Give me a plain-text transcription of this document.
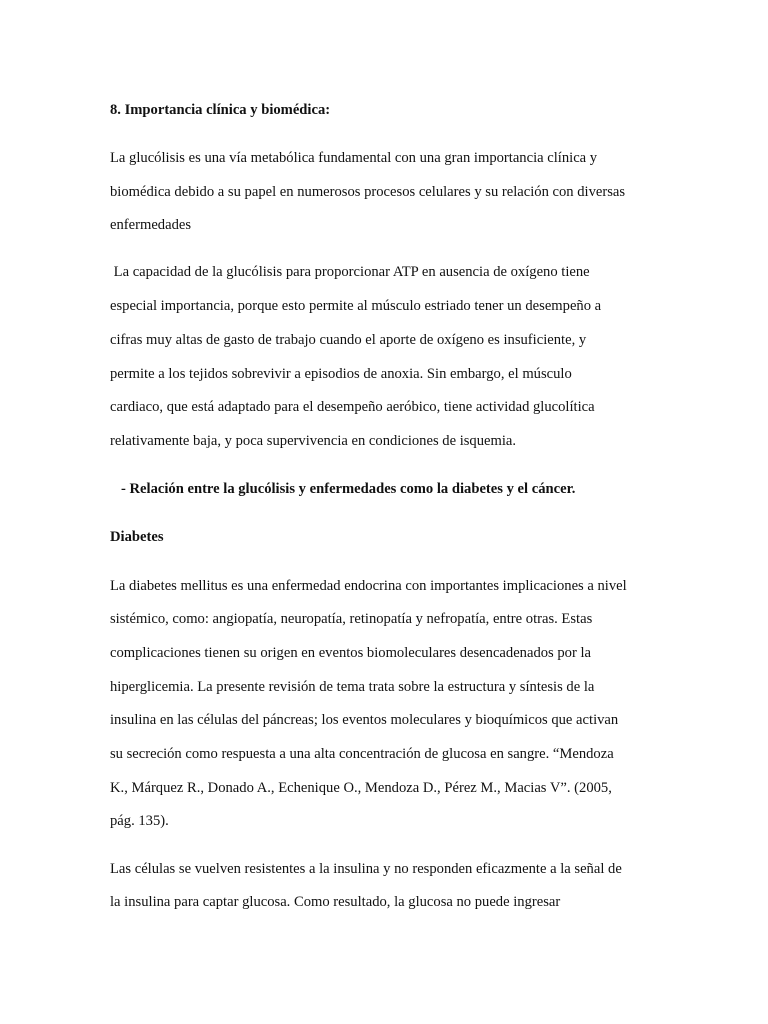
8. Importancia clínica y biomédica:
La glucólisis es una vía metabólica fundamental con una gran importancia clínica y
biomédica debido a su papel en numerosos procesos celulares y su relación con diversas
enfermedades
La capacidad de la glucólisis para proporcionar ATP en ausencia de oxígeno tiene
especial importancia, porque esto permite al músculo estriado tener un desempeño a
cifras muy altas de gasto de trabajo cuando el aporte de oxígeno es insuficiente, y
permite a los tejidos sobrevivir a episodios de anoxia. Sin embargo, el músculo
cardiaco, que está adaptado para el desempeño aeróbico, tiene actividad glucolítica
relativamente baja, y poca supervivencia en condiciones de isquemia.
- Relación entre la glucólisis y enfermedades como la diabetes y el cáncer.
Diabetes
La diabetes mellitus es una enfermedad endocrina con importantes implicaciones a nivel
sistémico, como: angiopatía, neuropatía, retinopatía y nefropatía, entre otras. Estas
complicaciones tienen su origen en eventos biomoleculares desencadenados por la
hiperglicemia. La presente revisión de tema trata sobre la estructura y síntesis de la
insulina en las células del páncreas; los eventos moleculares y bioquímicos que activan
su secreción como respuesta a una alta concentración de glucosa en sangre. “Mendoza
K., Márquez R., Donado A., Echenique O., Mendoza D., Pérez M., Macias V”. (2005,
pág. 135).
Las células se vuelven resistentes a la insulina y no responden eficazmente a la señal de
la insulina para captar glucosa. Como resultado, la glucosa no puede ingresar
